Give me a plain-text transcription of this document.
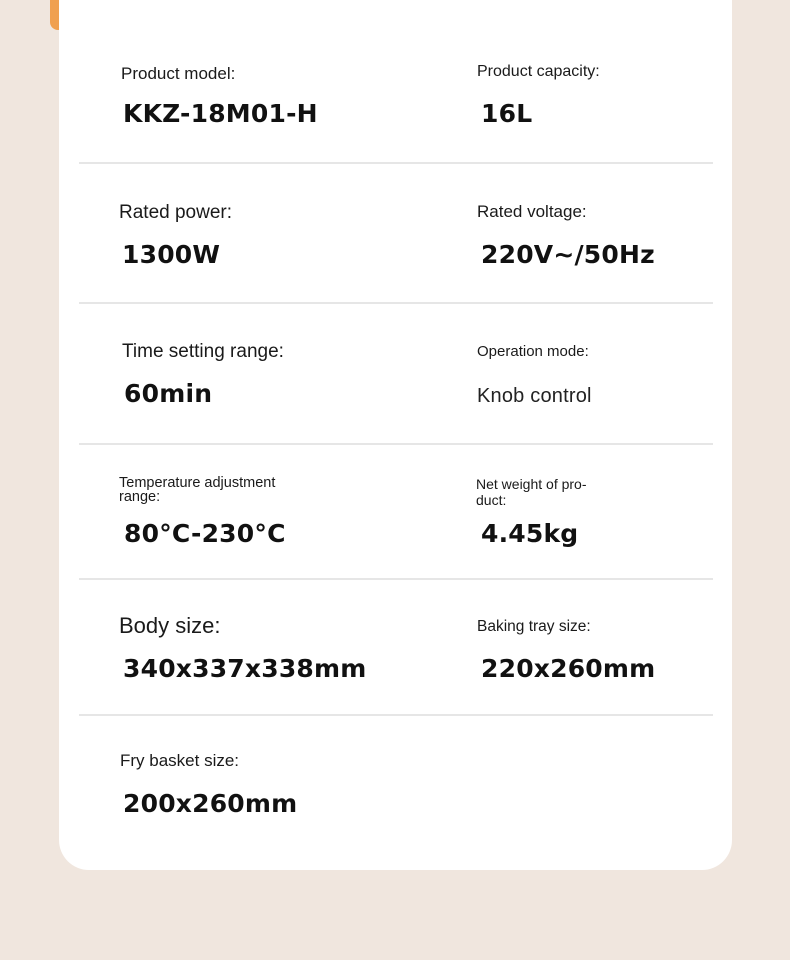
Product model:
KKZ-18M01-H
Product capacity:
16L
Rated power:
1300W
Rated voltage:
220V~/50Hz
Time setting range:
60min
Operation mode:
Knob control
Temperature adjustment range:
80°C-230°C
Net weight of pro-duct:
4.45kg
Body size:
340x337x338mm
Baking tray size:
220x260mm
Fry basket size:
200x260mm
